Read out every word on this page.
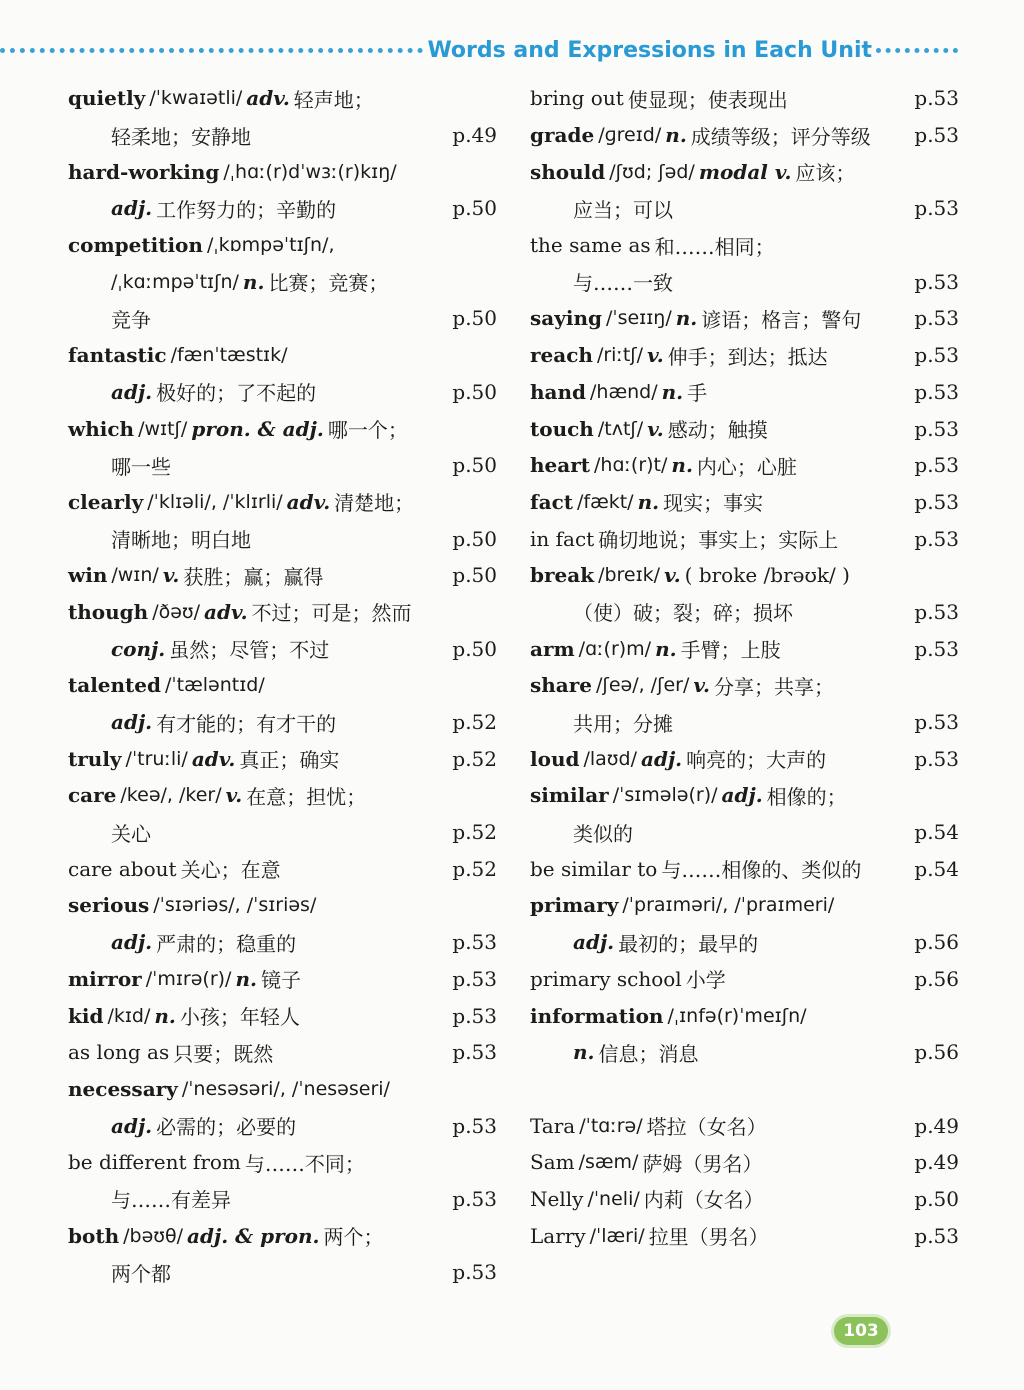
Words and Expressions in Each Unit
quietly /ˈkwaɪətli/ adv. 轻声地；
轻柔地；安静地	p.49
hard-working /ˌhɑː(r)dˈwɜː(r)kɪŋ/
adj. 工作努力的；辛勤的	p.50
competition /ˌkɒmpəˈtɪʃn/,
/ˌkɑːmpəˈtɪʃn/ n. 比赛；竞赛；
竞争	p.50
fantastic /fænˈtæstɪk/
adj. 极好的；了不起的	p.50
which /wɪtʃ/ pron. & adj. 哪一个；
哪一些	p.50
clearly /ˈklɪəli/, /ˈklɪrli/ adv. 清楚地；
清晰地；明白地	p.50
win /wɪn/ v. 获胜；赢；赢得	p.50
though /ðəʊ/ adv. 不过；可是；然而
conj. 虽然；尽管；不过	p.50
talented /ˈtæləntɪd/
adj. 有才能的；有才干的	p.52
truly /ˈtruːli/ adv. 真正；确实	p.52
care /keə/, /ker/ v. 在意；担忧；
关心	p.52
care about 关心；在意	p.52
serious /ˈsɪəriəs/, /ˈsɪriəs/
adj. 严肃的；稳重的	p.53
mirror /ˈmɪrə(r)/ n. 镜子	p.53
kid /kɪd/ n. 小孩；年轻人	p.53
as long as 只要；既然	p.53
necessary /ˈnesəsəri/, /ˈnesəseri/
adj. 必需的；必要的	p.53
be different from 与……不同；
与……有差异	p.53
both /bəʊθ/ adj. & pron. 两个；
两个都	p.53
bring out 使显现；使表现出	p.53
grade /ɡreɪd/ n. 成绩等级；评分等级 p.53
should /ʃʊd; ʃəd/ modal v. 应该；
应当；可以	p.53
the same as 和……相同；
与……一致	p.53
saying /ˈseɪɪŋ/ n. 谚语；格言；警句	p.53
reach /riːtʃ/ v. 伸手；到达；抵达	p.53
hand /hænd/ n. 手	p.53
touch /tʌtʃ/ v. 感动；触摸	p.53
heart /hɑː(r)t/ n. 内心；心脏	p.53
fact /fækt/ n. 现实；事实	p.53
in fact 确切地说；事实上；实际上	p.53
break /breɪk/ v. ( broke /brəʊk/ )
（使）破；裂；碎；损坏	p.53
arm /ɑː(r)m/ n. 手臂；上肢	p.53
share /ʃeə/, /ʃer/ v. 分享；共享；
共用；分摊	p.53
loud /laʊd/ adj. 响亮的；大声的	p.53
similar /ˈsɪmələ(r)/ adj. 相像的；
类似的	p.54
be similar to 与……相像的、类似的	p.54
primary /ˈpraɪməri/, /ˈpraɪmeri/
adj. 最初的；最早的	p.56
primary school 小学	p.56
information /ˌɪnfə(r)ˈmeɪʃn/
n. 信息；消息	p.56
Tara /ˈtɑːrə/ 塔拉（女名）	p.49
Sam /sæm/ 萨姆（男名）	p.49
Nelly /ˈneli/ 内莉（女名）	p.50
Larry /ˈlæri/ 拉里（男名）	p.53
103
